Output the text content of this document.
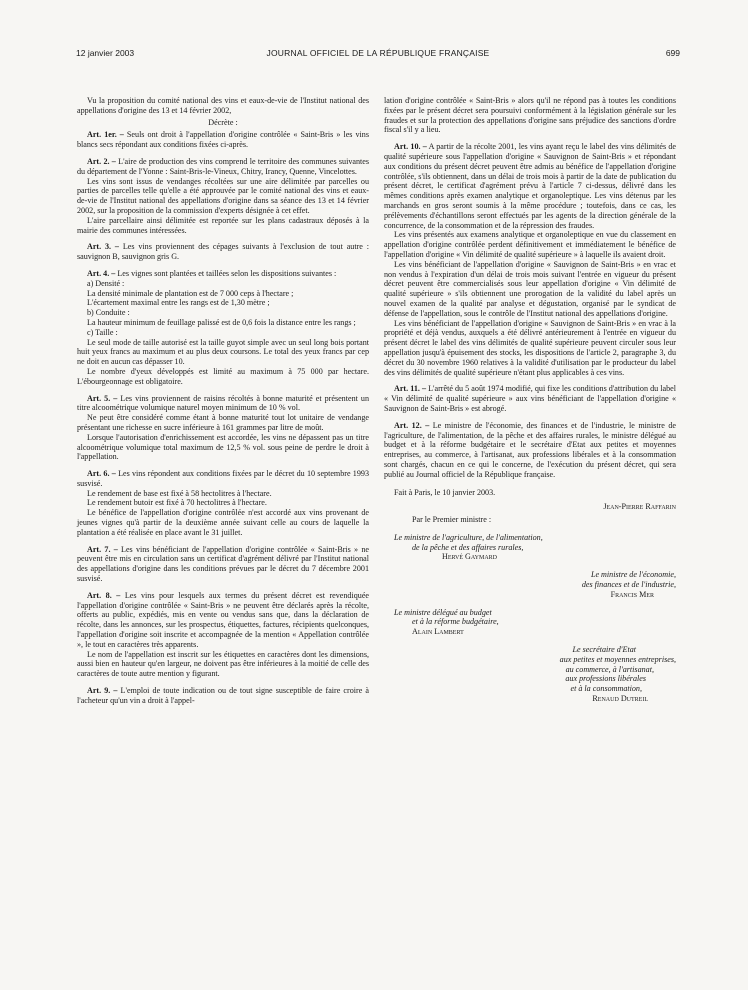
12 janvier 2003	JOURNAL OFFICIEL DE LA RÉPUBLIQUE FRANÇAISE	699

Vu la proposition du comité national des vins et eaux-de-vie de l'Institut national des appellations d'origine des 13 et 14 février 2002,

Décrète :

Art. 1er. – Seuls ont droit à l'appellation d'origine contrôlée « Saint-Bris » les vins blancs secs répondant aux conditions fixées ci-après.

Art. 2. – L'aire de production des vins comprend le territoire des communes suivantes du département de l'Yonne : Saint-Bris-le-Vineux, Chitry, Irancy, Quenne, Vincelottes.

Les vins sont issus de vendanges récoltées sur une aire délimitée par parcelles ou parties de parcelles telle qu'elle a été approuvée par le comité national des vins et eaux-de-vie de l'Institut national des appellations d'origine dans sa séance des 13 et 14 février 2002, sur la proposition de la commission d'experts désignée à cet effet.

L'aire parcellaire ainsi délimitée est reportée sur les plans cadastraux déposés à la mairie des communes intéressées.

Art. 3. – Les vins proviennent des cépages suivants à l'exclusion de tout autre : sauvignon B, sauvignon gris G.

Art. 4. – Les vignes sont plantées et taillées selon les dispositions suivantes :

a) Densité :

La densité minimale de plantation est de 7 000 ceps à l'hectare ;

L'écartement maximal entre les rangs est de 1,30 mètre ;

b) Conduite :

La hauteur minimum de feuillage palissé est de 0,6 fois la distance entre les rangs ;

c) Taille :

Le seul mode de taille autorisé est la taille guyot simple avec un seul long bois portant huit yeux francs au maximum et au plus deux coursons. Le total des yeux francs par cep ne doit en aucun cas dépasser 10.

Le nombre d'yeux développés est limité au maximum à 75 000 par hectare. L'ébourgeonnage est obligatoire.

Art. 5. – Les vins proviennent de raisins récoltés à bonne maturité et présentent un titre alcoométrique volumique naturel moyen minimum de 10 % vol.

Ne peut être considéré comme étant à bonne maturité tout lot unitaire de vendange présentant une richesse en sucre inférieure à 161 grammes par litre de moût.

Lorsque l'autorisation d'enrichissement est accordée, les vins ne dépassent pas un titre alcoométrique volumique total maximum de 12,5 % vol. sous peine de perdre le droit à l'appellation.

Art. 6. – Les vins répondent aux conditions fixées par le décret du 10 septembre 1993 susvisé.

Le rendement de base est fixé à 58 hectolitres à l'hectare.

Le rendement butoir est fixé à 70 hectolitres à l'hectare.

Le bénéfice de l'appellation d'origine contrôlée n'est accordé aux vins provenant de jeunes vignes qu'à partir de la deuxième année suivant celle au cours de laquelle la plantation a été réalisée en place avant le 31 juillet.

Art. 7. – Les vins bénéficiant de l'appellation d'origine contrôlée « Saint-Bris » ne peuvent être mis en circulation sans un certificat d'agrément délivré par l'Institut national des appellations d'origine dans les conditions prévues par le décret du 7 décembre 2001 susvisé.

Art. 8. – Les vins pour lesquels aux termes du présent décret est revendiquée l'appellation d'origine contrôlée « Saint-Bris » ne peuvent être déclarés après la récolte, offerts au public, expédiés, mis en vente ou vendus sans que, dans la déclaration de récolte, dans les annonces, sur les prospectus, étiquettes, factures, récipients quelconques, l'appellation d'origine soit inscrite et accompagnée de la mention « Appellation contrôlée », le tout en caractères très apparents.

Le nom de l'appellation est inscrit sur les étiquettes en caractères dont les dimensions, aussi bien en hauteur qu'en largeur, ne doivent pas être inférieures à la moitié de celle des caractères de toute autre mention y figurant.

Art. 9. – L'emploi de toute indication ou de tout signe susceptible de faire croire à l'acheteur qu'un vin a droit à l'appel-

lation d'origine contrôlée « Saint-Bris » alors qu'il ne répond pas à toutes les conditions fixées par le présent décret sera poursuivi conformément à la législation générale sur les fraudes et sur la protection des appellations d'origine sans préjudice des sanctions d'ordre fiscal s'il y a lieu.

Art. 10. – A partir de la récolte 2001, les vins ayant reçu le label des vins délimités de qualité supérieure sous l'appellation d'origine « Sauvignon de Saint-Bris » et répondant aux conditions du présent décret peuvent être admis au bénéfice de l'appellation d'origine contrôlée, s'ils obtiennent, dans un délai de trois mois à partir de la date de publication du présent décret, le certificat d'agrément prévu à l'article 7 ci-dessus, délivré dans les mêmes conditions après examen analytique et organoleptique. Les vins détenus par les marchands en gros seront soumis à la même procédure ; toutefois, dans ce cas, les prélèvements d'échantillons seront effectués par les agents de la direction générale de la concurrence, de la consommation et de la répression des fraudes.

Les vins présentés aux examens analytique et organoleptique en vue du classement en appellation d'origine contrôlée perdent définitivement et immédiatement le bénéfice de l'appellation d'origine « Vin délimité de qualité supérieure » à laquelle ils avaient droit.

Les vins bénéficiant de l'appellation d'origine « Sauvignon de Saint-Bris » en vrac et non vendus à l'expiration d'un délai de trois mois suivant l'entrée en vigueur du présent décret peuvent être commercialisés sous leur appellation d'origine « Vin délimité de qualité supérieure » s'ils obtiennent une prorogation de la validité du label après un nouvel examen de la qualité par analyse et dégustation, organisé par le syndicat de défense de l'appellation, sous le contrôle de l'Institut national des appellations d'origine.

Les vins bénéficiant de l'appellation d'origine « Sauvignon de Saint-Bris » en vrac à la propriété et déjà vendus, auxquels a été délivré antérieurement à l'entrée en vigueur du présent décret le label des vins délimités de qualité supérieure peuvent circuler sous leur appellation jusqu'à épuisement des stocks, les dispositions de l'article 2, paragraphe 3, du décret du 30 novembre 1960 relatives à la validité d'utilisation par le producteur du label des vins délimités de qualité supérieure n'étant plus applicables à ces vins.

Art. 11. – L'arrêté du 5 août 1974 modifié, qui fixe les conditions d'attribution du label « Vin délimité de qualité supérieure » aux vins bénéficiant de l'appellation d'origine « Sauvignon de Saint-Bris » est abrogé.

Art. 12. – Le ministre de l'économie, des finances et de l'industrie, le ministre de l'agriculture, de l'alimentation, de la pêche et des affaires rurales, le ministre délégué au budget et à la réforme budgétaire et le secrétaire d'Etat aux petites et moyennes entreprises, au commerce, à l'artisanat, aux professions libérales et à la consommation sont chargés, chacun en ce qui le concerne, de l'exécution du présent décret, qui sera publié au Journal officiel de la République française.

Fait à Paris, le 10 janvier 2003.

Jean-Pierre Raffarin

Par le Premier ministre :

Le ministre de l'agriculture, de l'alimentation,

de la pêche et des affaires rurales,

Hervé Gaymard

Le ministre de l'économie,

des finances et de l'industrie,

Francis Mer

Le ministre délégué au budget

et à la réforme budgétaire,

Alain Lambert

Le secrétaire d'Etat

aux petites et moyennes entreprises,

au commerce, à l'artisanat,

aux professions libérales

et à la consommation,

Renaud Dutreil
